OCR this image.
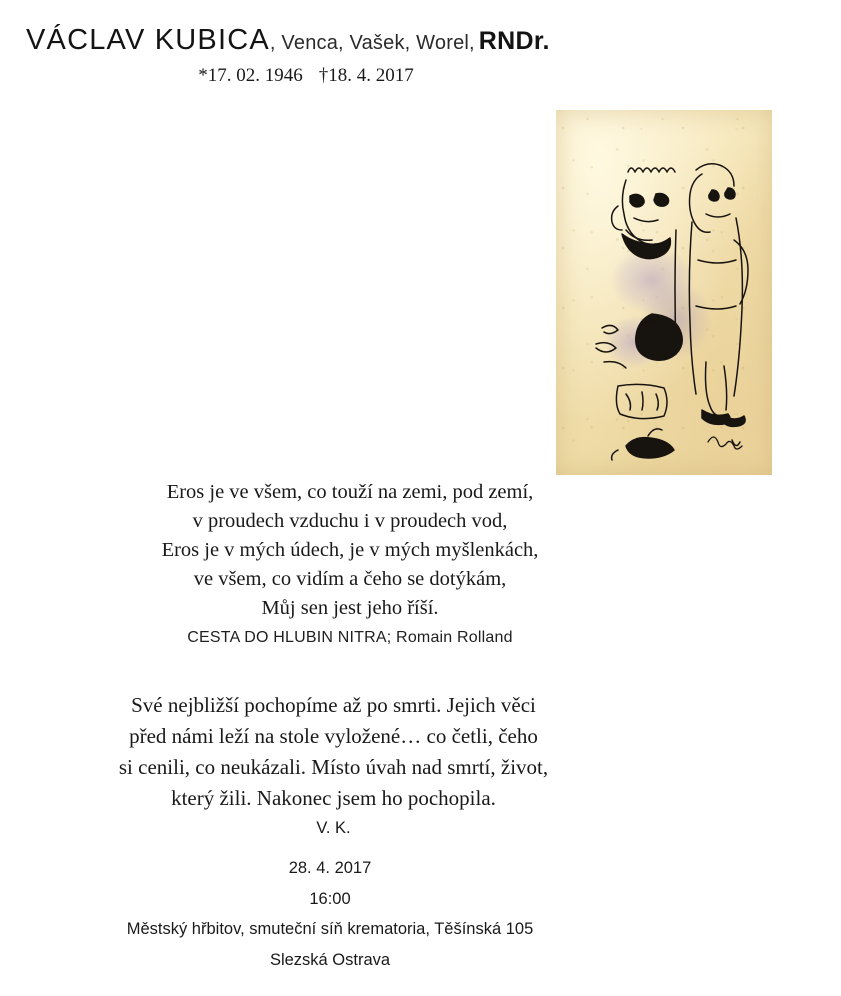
VÁCLAV KUBICA, Venca, Vašek, Worel, RNDr.
*17. 02. 1946 †18. 4. 2017
Eros je ve všem, co touží na zemi, pod zemí,
v proudech vzduchu i v proudech vod,
Eros je v mých údech, je v mých myšlenkách,
ve všem, co vidím a čeho se dotýkám,
Můj sen jest jeho říší.
CESTA DO HLUBIN NITRA; Romain Rolland
Své nejbližší pochopíme až po smrti. Jejich věci
před námi leží na stole vyložené… co četli, čeho
si cenili, co neukázali. Místo úvah nad smrtí, život,
který žili. Nakonec jsem ho pochopila.
V. K.
28. 4. 2017
16:00
Městský hřbitov, smuteční síň krematoria, Těšínská 105
Slezská Ostrava
